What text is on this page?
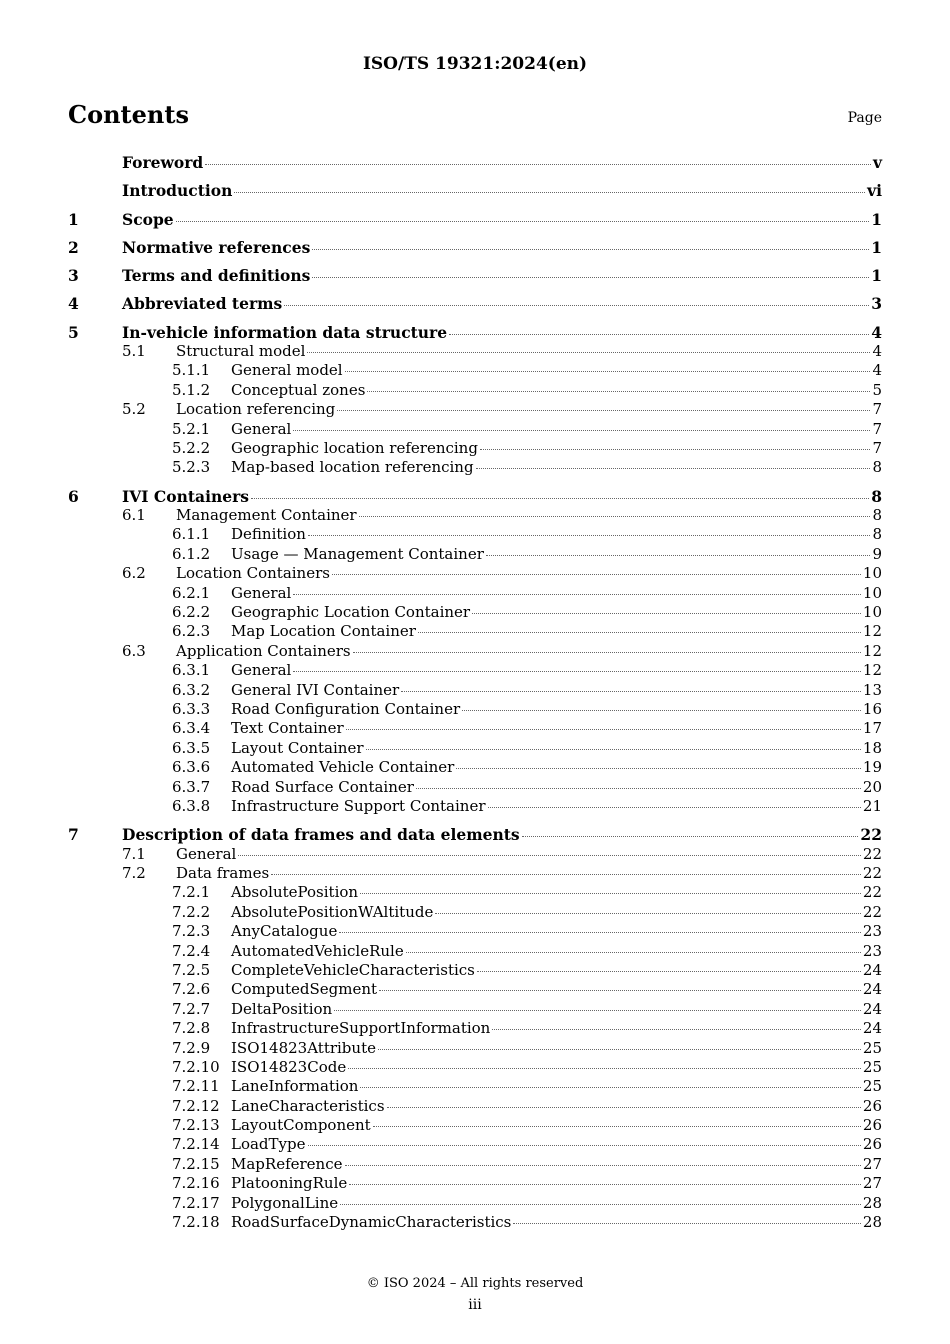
ISO/TS 19321:2024(en)
Contents	Page
Foreword	v
Introduction	vi
1	Scope	1
2	Normative references	1
3	Terms and definitions	1
4	Abbreviated terms	3
5	In-vehicle information data structure	4
5.1	Structural model	4
5.1.1	General model	4
5.1.2	Conceptual zones	5
5.2	Location referencing	7
5.2.1	General	7
5.2.2	Geographic location referencing	7
5.2.3	Map-based location referencing	8
6	IVI Containers	8
6.1	Management Container	8
6.1.1	Definition	8
6.1.2	Usage — Management Container	9
6.2	Location Containers	10
6.2.1	General	10
6.2.2	Geographic Location Container	10
6.2.3	Map Location Container	12
6.3	Application Containers	12
6.3.1	General	12
6.3.2	General IVI Container	13
6.3.3	Road Configuration Container	16
6.3.4	Text Container	17
6.3.5	Layout Container	18
6.3.6	Automated Vehicle Container	19
6.3.7	Road Surface Container	20
6.3.8	Infrastructure Support Container	21
7	Description of data frames and data elements	22
7.1	General	22
7.2	Data frames	22
7.2.1	AbsolutePosition	22
7.2.2	AbsolutePositionWAltitude	22
7.2.3	AnyCatalogue	23
7.2.4	AutomatedVehicleRule	23
7.2.5	CompleteVehicleCharacteristics	24
7.2.6	ComputedSegment	24
7.2.7	DeltaPosition	24
7.2.8	InfrastructureSupportInformation	24
7.2.9	ISO14823Attribute	25
7.2.10 ISO14823Code	25
7.2.11 LaneInformation	25
7.2.12 LaneCharacteristics	26
7.2.13 LayoutComponent	26
7.2.14 LoadType	26
7.2.15 MapReference	27
7.2.16 PlatooningRule	27
7.2.17 PolygonalLine	28
7.2.18 RoadSurfaceDynamicCharacteristics	28
© ISO 2024 – All rights reserved
iii
